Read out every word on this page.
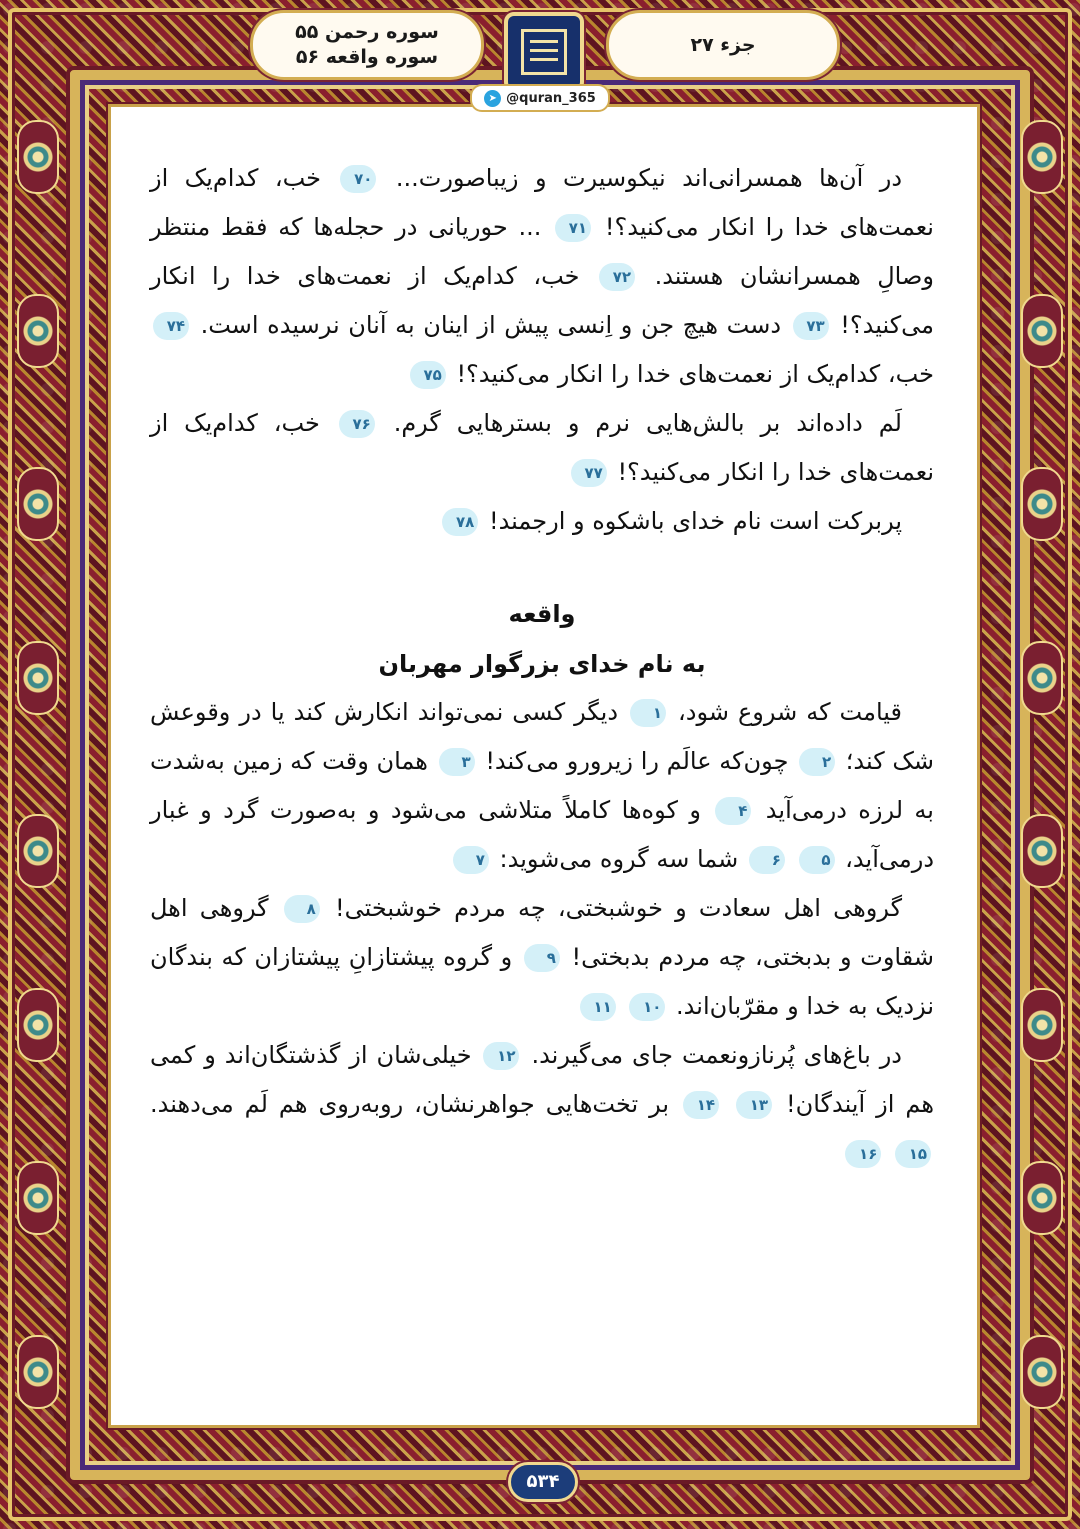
سوره رحمن ۵۵
سوره واقعه ۵۶
جزء ۲۷
➤ @quran_365

در آن‌ها همسرانی‌اند نیکوسیرت و زیباصورت... ۷۰ خب، کدام‌یک از نعمت‌های خدا را انکار می‌کنید؟! ۷۱ ... حوریانی در حجله‌ها که فقط منتظر وصالِ همسرانشان هستند. ۷۲ خب، کدام‌یک از نعمت‌های خدا را انکار می‌کنید؟! ۷۳ دست هیچ جن و اِنسی پیش از اینان به آنان نرسیده است. ۷۴ خب، کدام‌یک از نعمت‌های خدا را انکار می‌کنید؟! ۷۵

لَم داده‌اند بر بالش‌هایی نرم و بسترهایی گرم. ۷۶ خب، کدام‌یک از نعمت‌های خدا را انکار می‌کنید؟! ۷۷

پربرکت است نام خدای باشکوه و ارجمند! ۷۸

واقعه
به نام خدای بزرگوار مهربان

قیامت که شروع شود، ۱ دیگر کسی نمی‌تواند انکارش کند یا در وقوعش شک کند؛ ۲ چون‌که عالَم را زیرورو می‌کند! ۳ همان وقت که زمین به‌شدت به لرزه درمی‌آید ۴ و کوه‌ها کاملاً متلاشی می‌شود و به‌صورت گرد و غبار درمی‌آید، ۵ ۶ شما سه گروه می‌شوید: ۷

گروهی اهل سعادت و خوشبختی، چه مردم خوشبختی! ۸ گروهی اهل شقاوت و بدبختی، چه مردم بدبختی! ۹ و گروه پیشتازانِ پیشتازان که بندگان نزدیک به خدا و مقرّبان‌اند. ۱۰ ۱۱

در باغ‌های پُرنازونعمت جای می‌گیرند. ۱۲ خیلی‌شان از گذشتگان‌اند و کمی هم از آیندگان! ۱۳ ۱۴ بر تخت‌هایی جواهرنشان، روبه‌روی هم لَم می‌دهند. ۱۵ ۱۶

۵۳۴
